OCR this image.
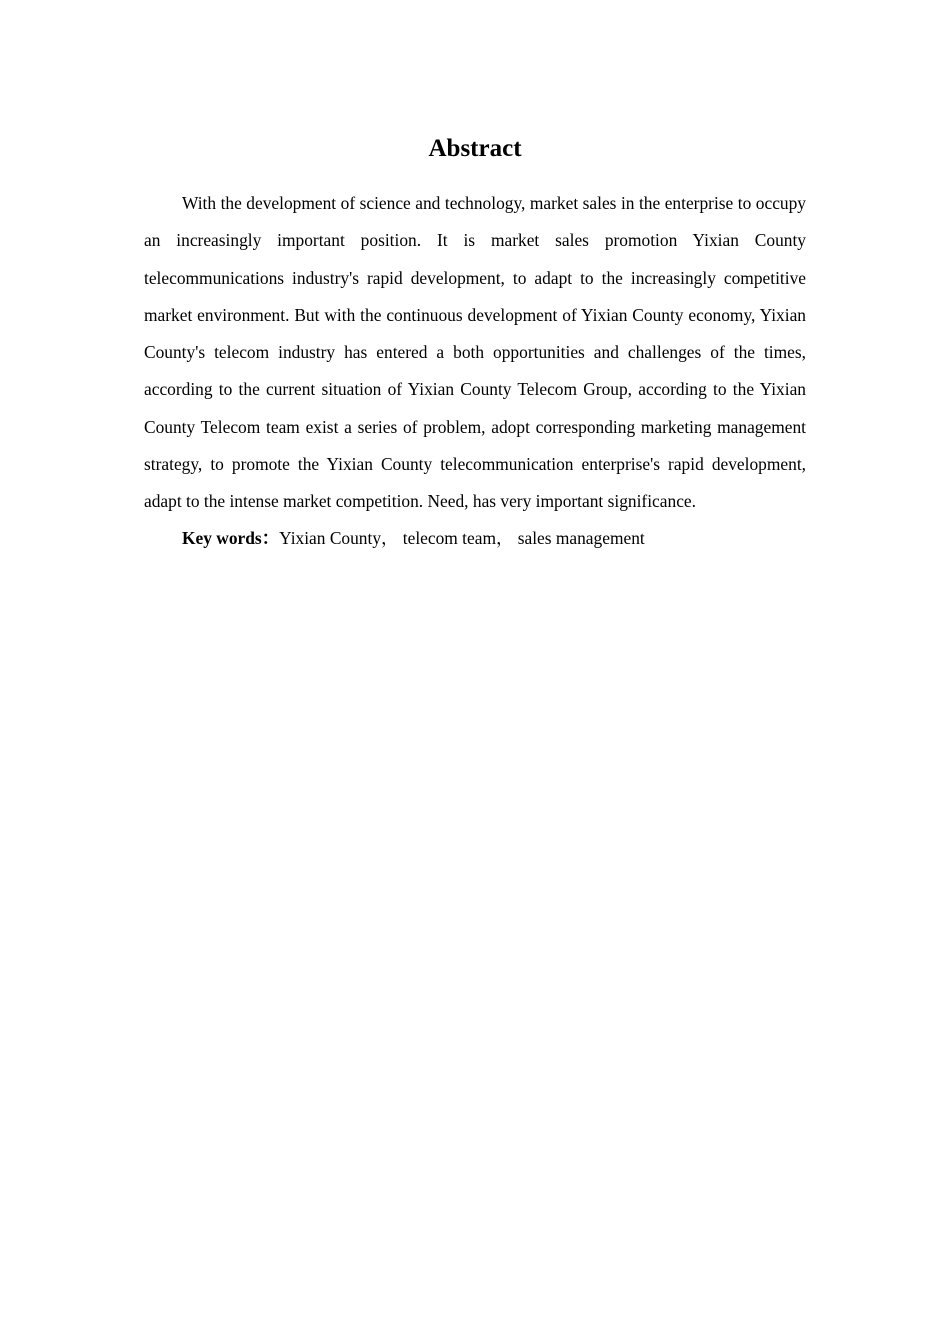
Abstract

With the development of science and technology, market sales in the enterprise to occupy an increasingly important position. It is market sales promotion Yixian County telecommunications industry's rapid development, to adapt to the increasingly competitive market environment. But with the continuous development of Yixian County economy, Yixian County's telecom industry has entered a both opportunities and challenges of the times, according to the current situation of Yixian County Telecom Group, according to the Yixian County Telecom team exist a series of problem, adopt corresponding marketing management strategy, to promote the Yixian County telecommunication enterprise's rapid development, adapt to the intense market competition. Need, has very important significance.

Key words：Yixian County， telecom team， sales management
